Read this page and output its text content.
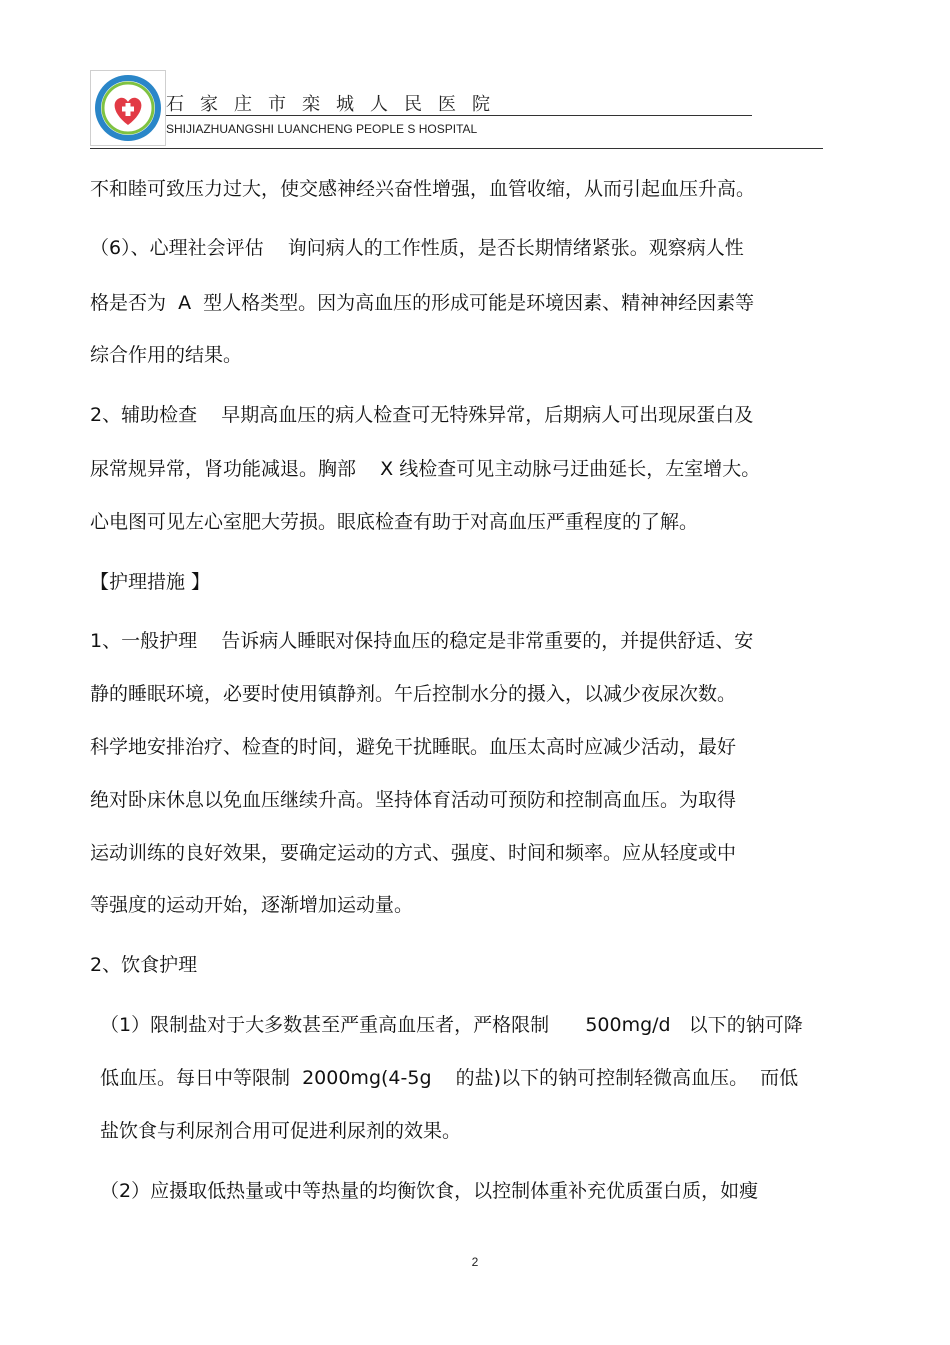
石家庄市栾城人民医院
SHIJIAZHUANGSHI LUANCHENG PEOPLE S HOSPITAL
不和睦可致压力过大，使交感神经兴奋性增强，血管收缩，从而引起血压升高。
（6）、心理社会评估    询问病人的工作性质，是否长期情绪紧张。观察病人性
格是否为  A  型人格类型。因为高血压的形成可能是环境因素、精神神经因素等
综合作用的结果。
2、辅助检查    早期高血压的病人检查可无特殊异常，后期病人可出现尿蛋白及
尿常规异常，肾功能减退。胸部    X 线检查可见主动脉弓迂曲延长，左室增大。
心电图可见左心室肥大劳损。眼底检查有助于对高血压严重程度的了解。
【护理措施 】
1、一般护理    告诉病人睡眠对保持血压的稳定是非常重要的，并提供舒适、安
静的睡眠环境，必要时使用镇静剂。午后控制水分的摄入，以减少夜尿次数。
科学地安排治疗、检查的时间，避免干扰睡眠。血压太高时应减少活动，最好
绝对卧床休息以免血压继续升高。坚持体育活动可预防和控制高血压。为取得
运动训练的良好效果，要确定运动的方式、强度、时间和频率。应从轻度或中
等强度的运动开始，逐渐增加运动量。
2、饮食护理
（1）限制盐对于大多数甚至严重高血压者，严格限制      500mg/d   以下的钠可降
低血压。每日中等限制  2000mg(4-5g    的盐)以下的钠可控制轻微高血压。  而低
盐饮食与利尿剂合用可促进利尿剂的效果。
（2）应摄取低热量或中等热量的均衡饮食，以控制体重补充优质蛋白质，如瘦
2
